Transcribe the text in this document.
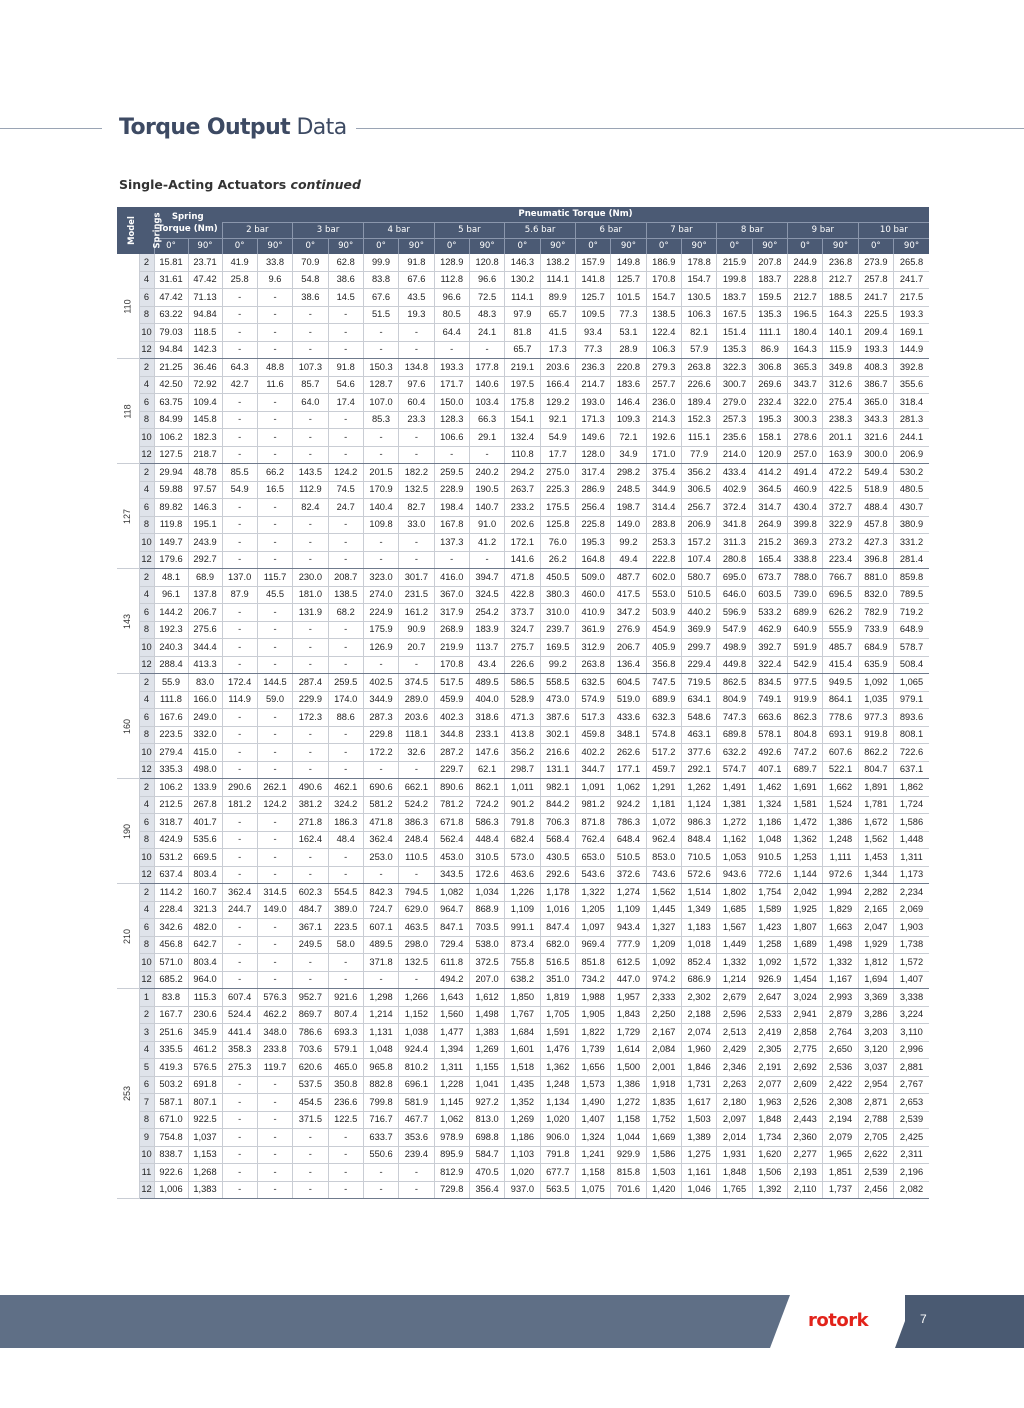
Torque Output Data
Single-Acting Actuators continued
Model	Springs	Spring Torque (Nm)		Pneumatic Torque (Nm)																			
				2 bar		3 bar		4 bar		5 bar		5.6 bar		6 bar		7 bar		8 bar		9 bar		10 bar	
		0°	90°	0°	90°	0°	90°	0°	90°	0°	90°	0°	90°	0°	90°	0°	90°	0°	90°	0°	90°	0°	90°
110	2	15.81	23.71	41.9	33.8	70.9	62.8	99.9	91.8	128.9	120.8	146.3	138.2	157.9	149.8	186.9	178.8	215.9	207.8	244.9	236.8	273.9	265.8
	4	31.61	47.42	25.8	9.6	54.8	38.6	83.8	67.6	112.8	96.6	130.2	114.1	141.8	125.7	170.8	154.7	199.8	183.7	228.8	212.7	257.8	241.7
	6	47.42	71.13	-	-	38.6	14.5	67.6	43.5	96.6	72.5	114.1	89.9	125.7	101.5	154.7	130.5	183.7	159.5	212.7	188.5	241.7	217.5
	8	63.22	94.84	-	-	-	-	51.5	19.3	80.5	48.3	97.9	65.7	109.5	77.3	138.5	106.3	167.5	135.3	196.5	164.3	225.5	193.3
	10	79.03	118.5	-	-	-	-	-	-	64.4	24.1	81.8	41.5	93.4	53.1	122.4	82.1	151.4	111.1	180.4	140.1	209.4	169.1
	12	94.84	142.3	-	-	-	-	-	-	-	-	65.7	17.3	77.3	28.9	106.3	57.9	135.3	86.9	164.3	115.9	193.3	144.9
118	2	21.25	36.46	64.3	48.8	107.3	91.8	150.3	134.8	193.3	177.8	219.1	203.6	236.3	220.8	279.3	263.8	322.3	306.8	365.3	349.8	408.3	392.8
	4	42.50	72.92	42.7	11.6	85.7	54.6	128.7	97.6	171.7	140.6	197.5	166.4	214.7	183.6	257.7	226.6	300.7	269.6	343.7	312.6	386.7	355.6
	6	63.75	109.4	-	-	64.0	17.4	107.0	60.4	150.0	103.4	175.8	129.2	193.0	146.4	236.0	189.4	279.0	232.4	322.0	275.4	365.0	318.4
	8	84.99	145.8	-	-	-	-	85.3	23.3	128.3	66.3	154.1	92.1	171.3	109.3	214.3	152.3	257.3	195.3	300.3	238.3	343.3	281.3
	10	106.2	182.3	-	-	-	-	-	-	106.6	29.1	132.4	54.9	149.6	72.1	192.6	115.1	235.6	158.1	278.6	201.1	321.6	244.1
	12	127.5	218.7	-	-	-	-	-	-	-	-	110.8	17.7	128.0	34.9	171.0	77.9	214.0	120.9	257.0	163.9	300.0	206.9
127	2	29.94	48.78	85.5	66.2	143.5	124.2	201.5	182.2	259.5	240.2	294.2	275.0	317.4	298.2	375.4	356.2	433.4	414.2	491.4	472.2	549.4	530.2
	4	59.88	97.57	54.9	16.5	112.9	74.5	170.9	132.5	228.9	190.5	263.7	225.3	286.9	248.5	344.9	306.5	402.9	364.5	460.9	422.5	518.9	480.5
	6	89.82	146.3	-	-	82.4	24.7	140.4	82.7	198.4	140.7	233.2	175.5	256.4	198.7	314.4	256.7	372.4	314.7	430.4	372.7	488.4	430.7
	8	119.8	195.1	-	-	-	-	109.8	33.0	167.8	91.0	202.6	125.8	225.8	149.0	283.8	206.9	341.8	264.9	399.8	322.9	457.8	380.9
	10	149.7	243.9	-	-	-	-	-	-	137.3	41.2	172.1	76.0	195.3	99.2	253.3	157.2	311.3	215.2	369.3	273.2	427.3	331.2
	12	179.6	292.7	-	-	-	-	-	-	-	-	141.6	26.2	164.8	49.4	222.8	107.4	280.8	165.4	338.8	223.4	396.8	281.4
143	2	48.1	68.9	137.0	115.7	230.0	208.7	323.0	301.7	416.0	394.7	471.8	450.5	509.0	487.7	602.0	580.7	695.0	673.7	788.0	766.7	881.0	859.8
	4	96.1	137.8	87.9	45.5	181.0	138.5	274.0	231.5	367.0	324.5	422.8	380.3	460.0	417.5	553.0	510.5	646.0	603.5	739.0	696.5	832.0	789.5
	6	144.2	206.7	-	-	131.9	68.2	224.9	161.2	317.9	254.2	373.7	310.0	410.9	347.2	503.9	440.2	596.9	533.2	689.9	626.2	782.9	719.2
	8	192.3	275.6	-	-	-	-	175.9	90.9	268.9	183.9	324.7	239.7	361.9	276.9	454.9	369.9	547.9	462.9	640.9	555.9	733.9	648.9
	10	240.3	344.4	-	-	-	-	126.9	20.7	219.9	113.7	275.7	169.5	312.9	206.7	405.9	299.7	498.9	392.7	591.9	485.7	684.9	578.7
	12	288.4	413.3	-	-	-	-	-	-	170.8	43.4	226.6	99.2	263.8	136.4	356.8	229.4	449.8	322.4	542.9	415.4	635.9	508.4
160	2	55.9	83.0	172.4	144.5	287.4	259.5	402.5	374.5	517.5	489.5	586.5	558.5	632.5	604.5	747.5	719.5	862.5	834.5	977.5	949.5	1,092	1,065
	4	111.8	166.0	114.9	59.0	229.9	174.0	344.9	289.0	459.9	404.0	528.9	473.0	574.9	519.0	689.9	634.1	804.9	749.1	919.9	864.1	1,035	979.1
	6	167.6	249.0	-	-	172.3	88.6	287.3	203.6	402.3	318.6	471.3	387.6	517.3	433.6	632.3	548.6	747.3	663.6	862.3	778.6	977.3	893.6
	8	223.5	332.0	-	-	-	-	229.8	118.1	344.8	233.1	413.8	302.1	459.8	348.1	574.8	463.1	689.8	578.1	804.8	693.1	919.8	808.1
	10	279.4	415.0	-	-	-	-	172.2	32.6	287.2	147.6	356.2	216.6	402.2	262.6	517.2	377.6	632.2	492.6	747.2	607.6	862.2	722.6
	12	335.3	498.0	-	-	-	-	-	-	229.7	62.1	298.7	131.1	344.7	177.1	459.7	292.1	574.7	407.1	689.7	522.1	804.7	637.1
190	2	106.2	133.9	290.6	262.1	490.6	462.1	690.6	662.1	890.6	862.1	1,011	982.1	1,091	1,062	1,291	1,262	1,491	1,462	1,691	1,662	1,891	1,862
	4	212.5	267.8	181.2	124.2	381.2	324.2	581.2	524.2	781.2	724.2	901.2	844.2	981.2	924.2	1,181	1,124	1,381	1,324	1,581	1,524	1,781	1,724
	6	318.7	401.7	-	-	271.8	186.3	471.8	386.3	671.8	586.3	791.8	706.3	871.8	786.3	1,072	986.3	1,272	1,186	1,472	1,386	1,672	1,586
	8	424.9	535.6	-	-	162.4	48.4	362.4	248.4	562.4	448.4	682.4	568.4	762.4	648.4	962.4	848.4	1,162	1,048	1,362	1,248	1,562	1,448
	10	531.2	669.5	-	-	-	-	253.0	110.5	453.0	310.5	573.0	430.5	653.0	510.5	853.0	710.5	1,053	910.5	1,253	1,111	1,453	1,311
	12	637.4	803.4	-	-	-	-	-	-	343.5	172.6	463.6	292.6	543.6	372.6	743.6	572.6	943.6	772.6	1,144	972.6	1,344	1,173
210	2	114.2	160.7	362.4	314.5	602.3	554.5	842.3	794.5	1,082	1,034	1,226	1,178	1,322	1,274	1,562	1,514	1,802	1,754	2,042	1,994	2,282	2,234
	4	228.4	321.3	244.7	149.0	484.7	389.0	724.7	629.0	964.7	868.9	1,109	1,016	1,205	1,109	1,445	1,349	1,685	1,589	1,925	1,829	2,165	2,069
	6	342.6	482.0	-	-	367.1	223.5	607.1	463.5	847.1	703.5	991.1	847.4	1,097	943.4	1,327	1,183	1,567	1,423	1,807	1,663	2,047	1,903
	8	456.8	642.7	-	-	249.5	58.0	489.5	298.0	729.4	538.0	873.4	682.0	969.4	777.9	1,209	1,018	1,449	1,258	1,689	1,498	1,929	1,738
	10	571.0	803.4	-	-	-	-	371.8	132.5	611.8	372.5	755.8	516.5	851.8	612.5	1,092	852.4	1,332	1,092	1,572	1,332	1,812	1,572
	12	685.2	964.0	-	-	-	-	-	-	494.2	207.0	638.2	351.0	734.2	447.0	974.2	686.9	1,214	926.9	1,454	1,167	1,694	1,407
253	1	83.8	115.3	607.4	576.3	952.7	921.6	1,298	1,266	1,643	1,612	1,850	1,819	1,988	1,957	2,333	2,302	2,679	2,647	3,024	2,993	3,369	3,338
	2	167.7	230.6	524.4	462.2	869.7	807.4	1,214	1,152	1,560	1,498	1,767	1,705	1,905	1,843	2,250	2,188	2,596	2,533	2,941	2,879	3,286	3,224
	3	251.6	345.9	441.4	348.0	786.6	693.3	1,131	1,038	1,477	1,383	1,684	1,591	1,822	1,729	2,167	2,074	2,513	2,419	2,858	2,764	3,203	3,110
	4	335.5	461.2	358.3	233.8	703.6	579.1	1,048	924.4	1,394	1,269	1,601	1,476	1,739	1,614	2,084	1,960	2,429	2,305	2,775	2,650	3,120	2,996
	5	419.3	576.5	275.3	119.7	620.6	465.0	965.8	810.2	1,311	1,155	1,518	1,362	1,656	1,500	2,001	1,846	2,346	2,191	2,692	2,536	3,037	2,881
	6	503.2	691.8	-	-	537.5	350.8	882.8	696.1	1,228	1,041	1,435	1,248	1,573	1,386	1,918	1,731	2,263	2,077	2,609	2,422	2,954	2,767
	7	587.1	807.1	-	-	454.5	236.6	799.8	581.9	1,145	927.2	1,352	1,134	1,490	1,272	1,835	1,617	2,180	1,963	2,526	2,308	2,871	2,653
	8	671.0	922.5	-	-	371.5	122.5	716.7	467.7	1,062	813.0	1,269	1,020	1,407	1,158	1,752	1,503	2,097	1,848	2,443	2,194	2,788	2,539
	9	754.8	1,037	-	-	-	-	633.7	353.6	978.9	698.8	1,186	906.0	1,324	1,044	1,669	1,389	2,014	1,734	2,360	2,079	2,705	2,425
	10	838.7	1,153	-	-	-	-	550.6	239.4	895.9	584.7	1,103	791.8	1,241	929.9	1,586	1,275	1,931	1,620	2,277	1,965	2,622	2,311
	11	922.6	1,268	-	-	-	-	-	-	812.9	470.5	1,020	677.7	1,158	815.8	1,503	1,161	1,848	1,506	2,193	1,851	2,539	2,196
	12	1,006	1,383	-	-	-	-	-	-	729.8	356.4	937.0	563.5	1,075	701.6	1,420	1,046	1,765	1,392	2,110	1,737	2,456	2,082
rotork	7
